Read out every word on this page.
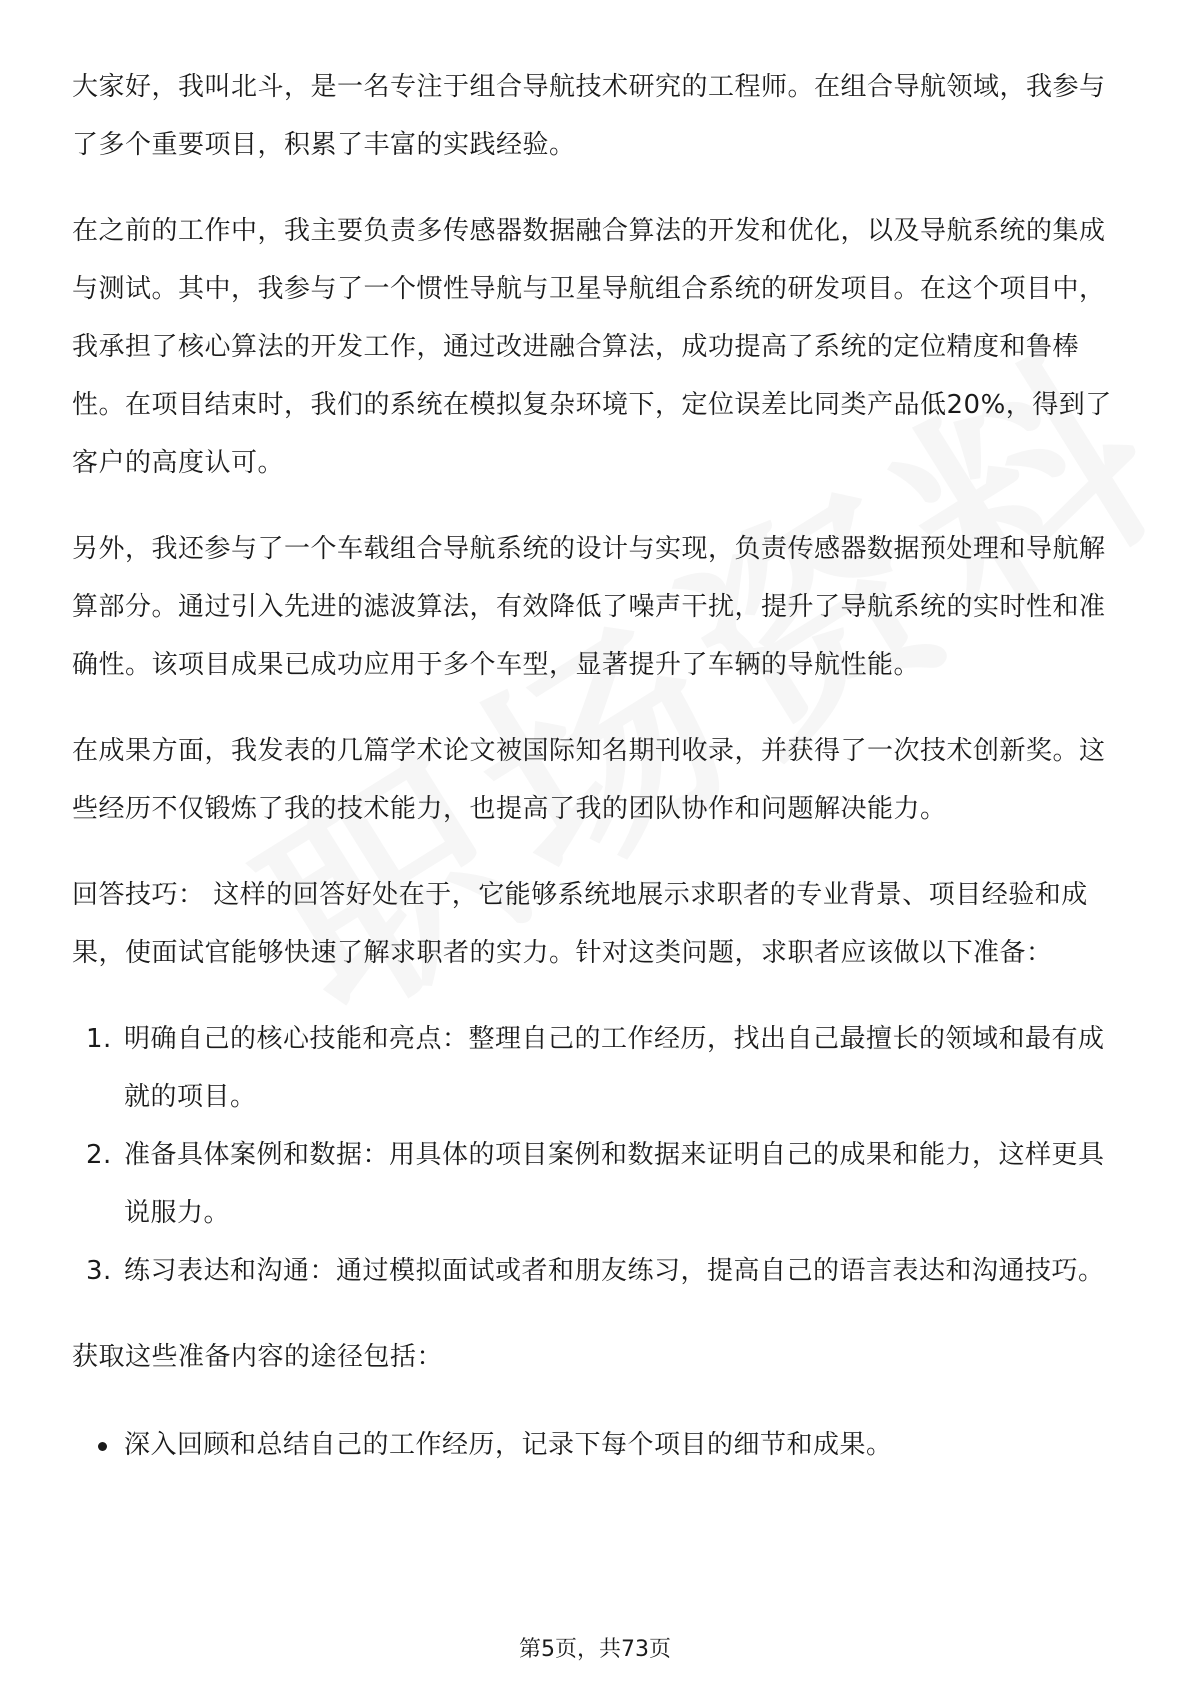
大家好，我叫北斗，是一名专注于组合导航技术研究的工程师。在组合导航领域，我参与了多个重要项目，积累了丰富的实践经验。

在之前的工作中，我主要负责多传感器数据融合算法的开发和优化，以及导航系统的集成与测试。其中，我参与了一个惯性导航与卫星导航组合系统的研发项目。在这个项目中，我承担了核心算法的开发工作，通过改进融合算法，成功提高了系统的定位精度和鲁棒性。在项目结束时，我们的系统在模拟复杂环境下，定位误差比同类产品低20%，得到了客户的高度认可。

另外，我还参与了一个车载组合导航系统的设计与实现，负责传感器数据预处理和导航解算部分。通过引入先进的滤波算法，有效降低了噪声干扰，提升了导航系统的实时性和准确性。该项目成果已成功应用于多个车型，显著提升了车辆的导航性能。

在成果方面，我发表的几篇学术论文被国际知名期刊收录，并获得了一次技术创新奖。这些经历不仅锻炼了我的技术能力，也提高了我的团队协作和问题解决能力。

回答技巧： 这样的回答好处在于，它能够系统地展示求职者的专业背景、项目经验和成果，使面试官能够快速了解求职者的实力。针对这类问题，求职者应该做以下准备：

1. 明确自己的核心技能和亮点：整理自己的工作经历，找出自己最擅长的领域和最有成就的项目。
2. 准备具体案例和数据：用具体的项目案例和数据来证明自己的成果和能力，这样更具说服力。
3. 练习表达和沟通：通过模拟面试或者和朋友练习，提高自己的语言表达和沟通技巧。

获取这些准备内容的途径包括：

深入回顾和总结自己的工作经历，记录下每个项目的细节和成果。
第5页，共73页
